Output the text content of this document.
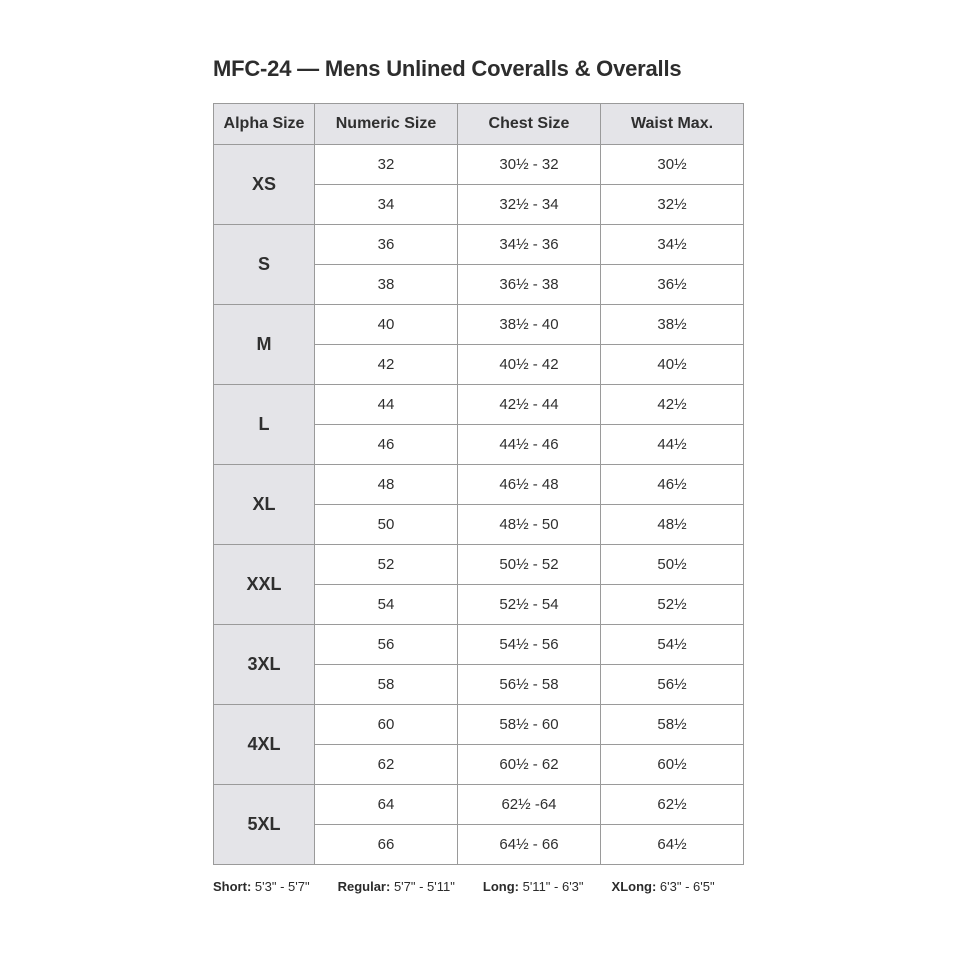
MFC-24 — Mens Unlined Coveralls & Overalls
Alpha Size	Numeric Size	Chest Size	Waist Max.
XS	32	30½ - 32	30½
	34	32½ - 34	32½
S	36	34½ - 36	34½
	38	36½ - 38	36½
M	40	38½ - 40	38½
	42	40½ - 42	40½
L	44	42½ - 44	42½
	46	44½ - 46	44½
XL	48	46½ - 48	46½
	50	48½ - 50	48½
XXL	52	50½ - 52	50½
	54	52½ - 54	52½
3XL	56	54½ - 56	54½
	58	56½ - 58	56½
4XL	60	58½ - 60	58½
	62	60½ - 62	60½
5XL	64	62½ -64	62½
	66	64½ - 66	64½
Short: 5'3" - 5'7" Regular: 5'7" - 5'11" Long: 5'11" - 6'3" XLong: 6'3" - 6'5"
